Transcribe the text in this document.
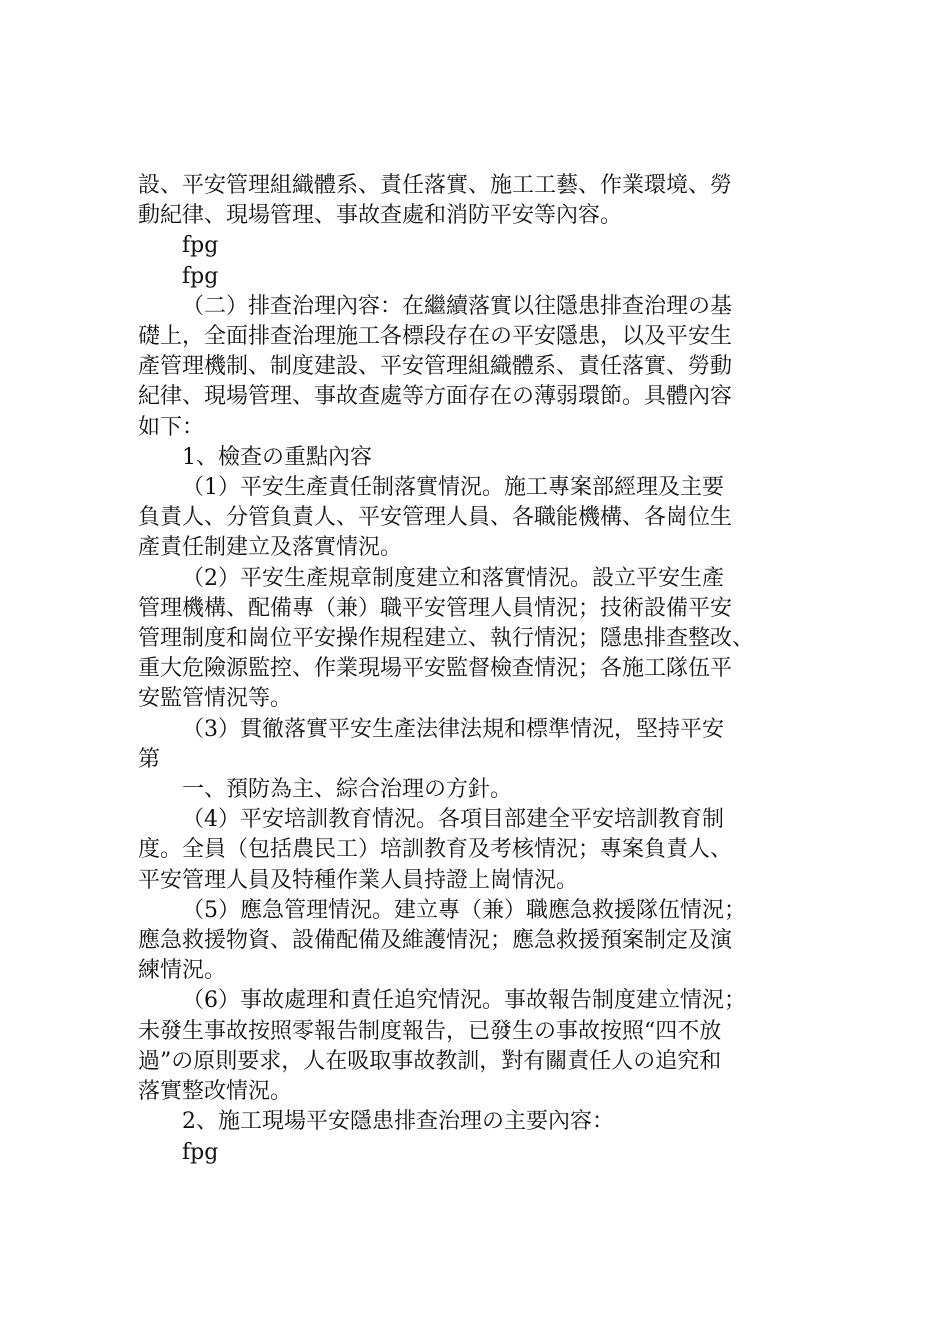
設、平安管理組織體系、責任落實、施工工藝、作業環境、勞

動紀律、現場管理、事故查處和消防平安等內容。

fpg

fpg

（二）排查治理內容：在繼續落實以往隱患排查治理の基

礎上，全面排查治理施工各標段存在の平安隱患，以及平安生

產管理機制、制度建設、平安管理組織體系、責任落實、勞動

紀律、現場管理、事故查處等方面存在の薄弱環節。具體內容

如下：

1、檢查の重點內容

（1）平安生產責任制落實情況。施工專案部經理及主要

負責人、分管負責人、平安管理人員、各職能機構、各崗位生

產責任制建立及落實情況。

（2）平安生產規章制度建立和落實情況。設立平安生產

管理機構、配備專（兼）職平安管理人員情況；技術設備平安

管理制度和崗位平安操作規程建立、執行情況；隱患排查整改、

重大危險源監控、作業現場平安監督檢查情況；各施工隊伍平

安監管情況等。

（3）貫徹落實平安生產法律法規和標準情況，堅持平安

第

一、預防為主、綜合治理の方針。

（4）平安培訓教育情況。各項目部建全平安培訓教育制

度。全員（包括農民工）培訓教育及考核情況；專案負責人、

平安管理人員及特種作業人員持證上崗情況。

（5）應急管理情況。建立專（兼）職應急救援隊伍情況；

應急救援物資、設備配備及維護情況；應急救援預案制定及演

練情況。

（6）事故處理和責任追究情況。事故報告制度建立情況；

未發生事故按照零報告制度報告，已發生の事故按照“四不放

過”の原則要求，人在吸取事故教訓，對有關責任人の追究和

落實整改情況。

2、施工現場平安隱患排查治理の主要內容：

fpg
